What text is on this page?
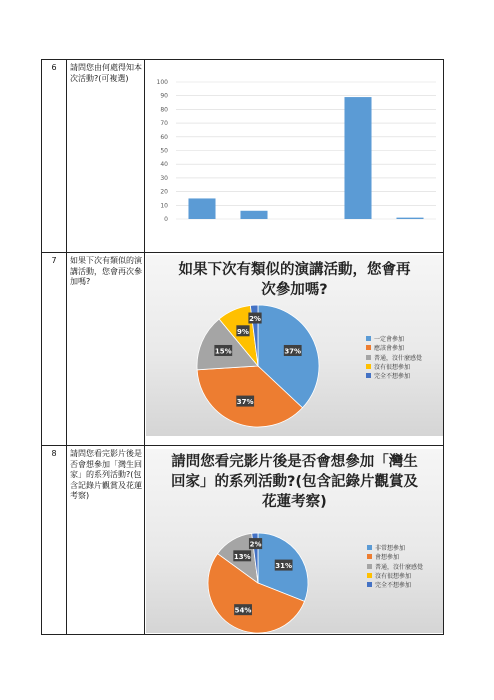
6	請問您由何處得知本次活動?(可複選)
0
10
20
30
40
50
60
70
80
90
100
7	如果下次有類似的演講活動，您會再次參加嗎?
如果下次有類似的演講活動，您會再次參加嗎?
37%
37%
15%
9%
2%
一定會參加
應該會參加
普通，沒什麼感覺
沒有很想參加
完全不想參加
8	請問您看完影片後是否會想參加「灣生回家」的系列活動?(包含記錄片觀賞及花蓮考察)
請問您看完影片後是否會想參加「灣生回家」的系列活動?(包含記錄片觀賞及花蓮考察)
31%
54%
13%
2%
非常想參加
會想參加
普通，沒什麼感覺
沒有很想參加
完全不想參加
